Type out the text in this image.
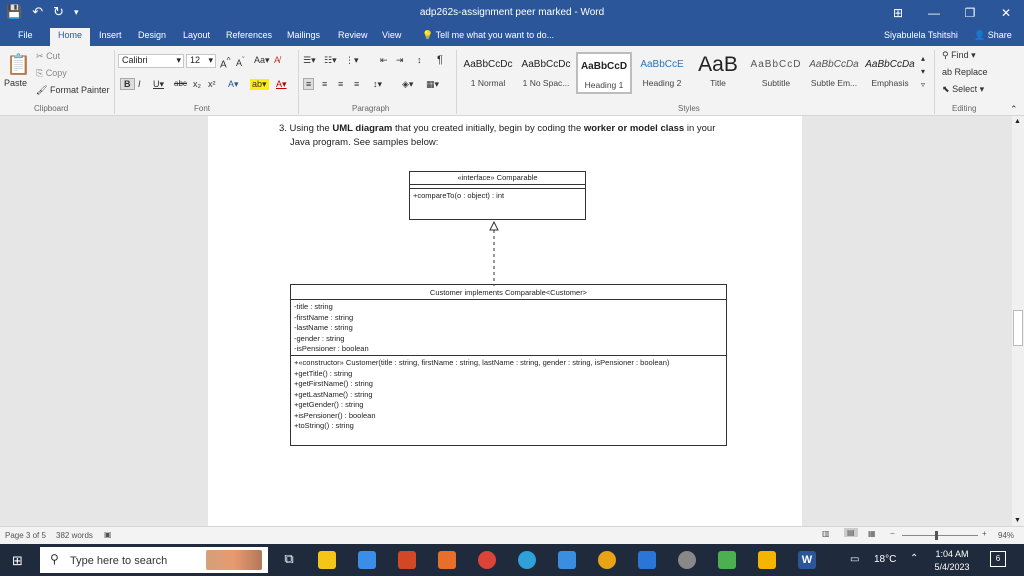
💾 ↶ ↻ ▾	adp262s-assignment peer marked - Word	⊞	—	❐	✕
File	Home	Insert	Design	Layout	References	Mailings	Review	View	💡 Tell me what you want to do...	Siyabulela Tshitshi	👤 Share
📋
Paste
✂ Cut
⎘ Copy
🖌 Format Painter
Clipboard
Calibri	▾	12 ▾ A^ $A^ˇ$ Aa▾ A̸
B I U▾ abc x₂ x² A▾ ab▾ A▾
Font
☰▾ ☷▾ ⋮▾ ⇤ ⇥ ↕ ¶
≡	≡ ≡ ≡ ↕▾ ◈▾ ▦▾
Paragraph
AaBbCcDc
1 Normal
AaBbCcDc
1 No Spac...
AaBbCcD
Heading 1
AaBbCcE
Heading 2
AaB
Title
AaBbCcD
Subtitle
AaBbCcDa
Subtle Em...
AaBbCcDa
Emphasis
▴
▾
▿
Styles
⚲ Find ▾
ab Replace
⬉ Select ▾
Editing	⌃
3. Using the UML diagram that you created initially, begin by coding the worker or model class in your
Java program. See samples below:
«interface» Comparable
+compareTo(o : object) : int
Customer implements Comparable<Customer>
-title : string
-firstName : string
-lastName : string
-gender : string
-isPensioner : boolean
+«constructor» Customer(title : string, firstName : string, lastName : string, gender : string, isPensioner : boolean)
+getTitle() : string
+getFirstName() : string
+getLastName() : string
+getGender() : string
+isPensioner() : boolean
+toString() : string
▲
▼
Page 3 of 5 382 words ▣	▥	▤	▦ −	+ 94%
⊞ ⚲ Type here to search	⧉	W	▭ 18°C ⌃	1:04 AM
5/4/2023
6
